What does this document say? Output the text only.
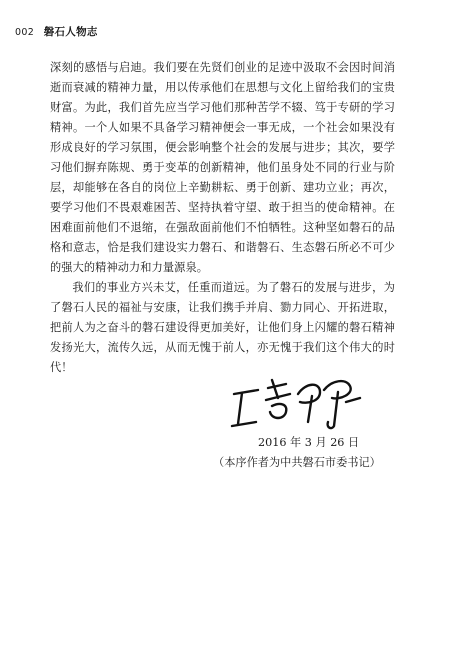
002 磐石人物志

深刻的感悟与启迪。我们要在先贤们创业的足迹中汲取不会因时间消逝而衰减的精神力量，用以传承他们在思想与文化上留给我们的宝贵财富。为此，我们首先应当学习他们那种苦学不辍、笃于专研的学习精神。一个人如果不具备学习精神便会一事无成，一个社会如果没有形成良好的学习氛围，便会影响整个社会的发展与进步；其次，要学习他们摒弃陈规、勇于变革的创新精神，他们虽身处不同的行业与阶层，却能够在各自的岗位上辛勤耕耘、勇于创新、建功立业；再次，要学习他们不畏艰难困苦、坚持执着守望、敢于担当的使命精神。在困难面前他们不退缩，在强敌面前他们不怕牺牲。这种坚如磐石的品格和意志，恰是我们建设实力磐石、和谐磐石、生态磐石所必不可少的强大的精神动力和力量源泉。

我们的事业方兴未艾，任重而道远。为了磐石的发展与进步，为了磐石人民的福祉与安康，让我们携手并肩、勠力同心、开拓进取，把前人为之奋斗的磐石建设得更加美好，让他们身上闪耀的磐石精神发扬光大，流传久远，从而无愧于前人，亦无愧于我们这个伟大的时代！

2016 年 3 月 26 日
（本序作者为中共磐石市委书记）
